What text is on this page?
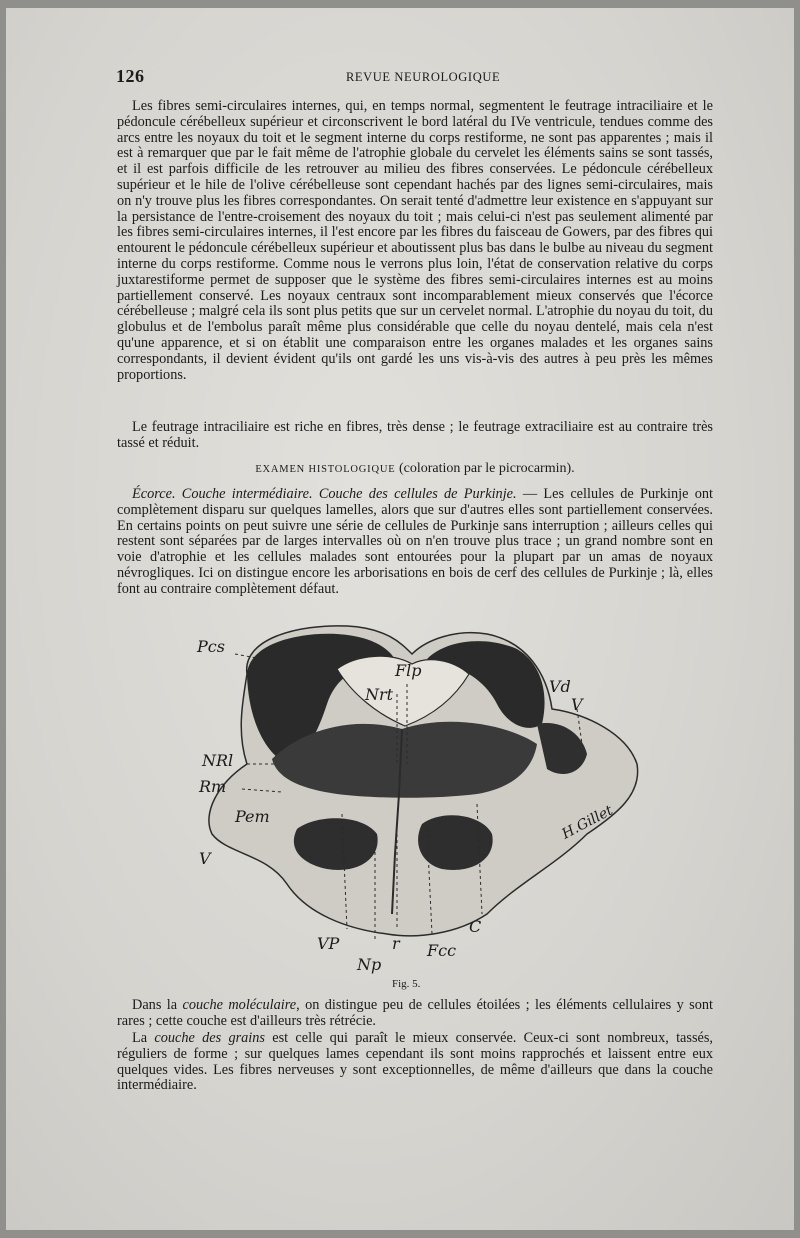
126	REVUE NEUROLOGIQUE

Les fibres semi-circulaires internes, qui, en temps normal, segmentent le feutrage intraciliaire et le pédoncule cérébelleux supérieur et circonscrivent le bord latéral du IVe ventricule, tendues comme des arcs entre les noyaux du toit et le segment interne du corps restiforme, ne sont pas apparentes ; mais il est à remarquer que par le fait même de l'atrophie globale du cervelet les éléments sains se sont tassés, et il est parfois difficile de les retrouver au milieu des fibres conservées. Le pédoncule cérébelleux supérieur et le hile de l'olive cérébelleuse sont cependant hachés par des lignes semi-circulaires, mais on n'y trouve plus les fibres correspondantes. On serait tenté d'admettre leur existence en s'appuyant sur la persistance de l'entre-croisement des noyaux du toit ; mais celui-ci n'est pas seulement alimenté par les fibres semi-circulaires internes, il l'est encore par les fibres du faisceau de Gowers, par des fibres qui entourent le pédoncule cérébelleux supérieur et aboutissent plus bas dans le bulbe au niveau du segment interne du corps restiforme. Comme nous le verrons plus loin, l'état de conservation relative du corps juxtarestiforme permet de supposer que le système des fibres semi-circulaires internes est au moins partiellement conservé. Les noyaux centraux sont incomparablement mieux conservés que l'écorce cérébelleuse ; malgré cela ils sont plus petits que sur un cervelet normal. L'atrophie du noyau du toit, du globulus et de l'embolus paraît même plus considérable que celle du noyau dentelé, mais cela n'est qu'une apparence, et si on établit une comparaison entre les organes malades et les organes sains correspondants, il devient évident qu'ils ont gardé les uns vis-à-vis des autres à peu près les mêmes proportions.

Le feutrage intraciliaire est riche en fibres, très dense ; le feutrage extraciliaire est au contraire très tassé et réduit.

EXAMEN HISTOLOGIQUE (coloration par le picrocarmin).

Écorce. Couche intermédiaire. Couche des cellules de Purkinje. — Les cellules de Purkinje ont complètement disparu sur quelques lamelles, alors que sur d'autres elles sont partiellement conservées. En certains points on peut suivre une série de cellules de Purkinje sans interruption ; ailleurs celles qui restent sont séparées par de larges intervalles où on n'en trouve plus trace ; un grand nombre sont en voie d'atrophie et les cellules malades sont entourées pour la plupart par un amas de noyaux névrogliques. Ici on distingue encore les arborisations en bois de cerf des cellules de Purkinje ; là, elles font au contraire complètement défaut.

Pcs
Flp
Nrt	Vd
V
NRl
Rm
Pem
V
VP
Np
r Fcc
C
H.Gillet
Fig. 5.

Dans la couche moléculaire, on distingue peu de cellules étoilées ; les éléments cellulaires y sont rares ; cette couche est d'ailleurs très rétrécie.

La couche des grains est celle qui paraît le mieux conservée. Ceux-ci sont nombreux, tassés, réguliers de forme ; sur quelques lames cependant ils sont moins rapprochés et laissent entre eux quelques vides. Les fibres nerveuses y sont exceptionnelles, de même d'ailleurs que dans la couche intermédiaire.
